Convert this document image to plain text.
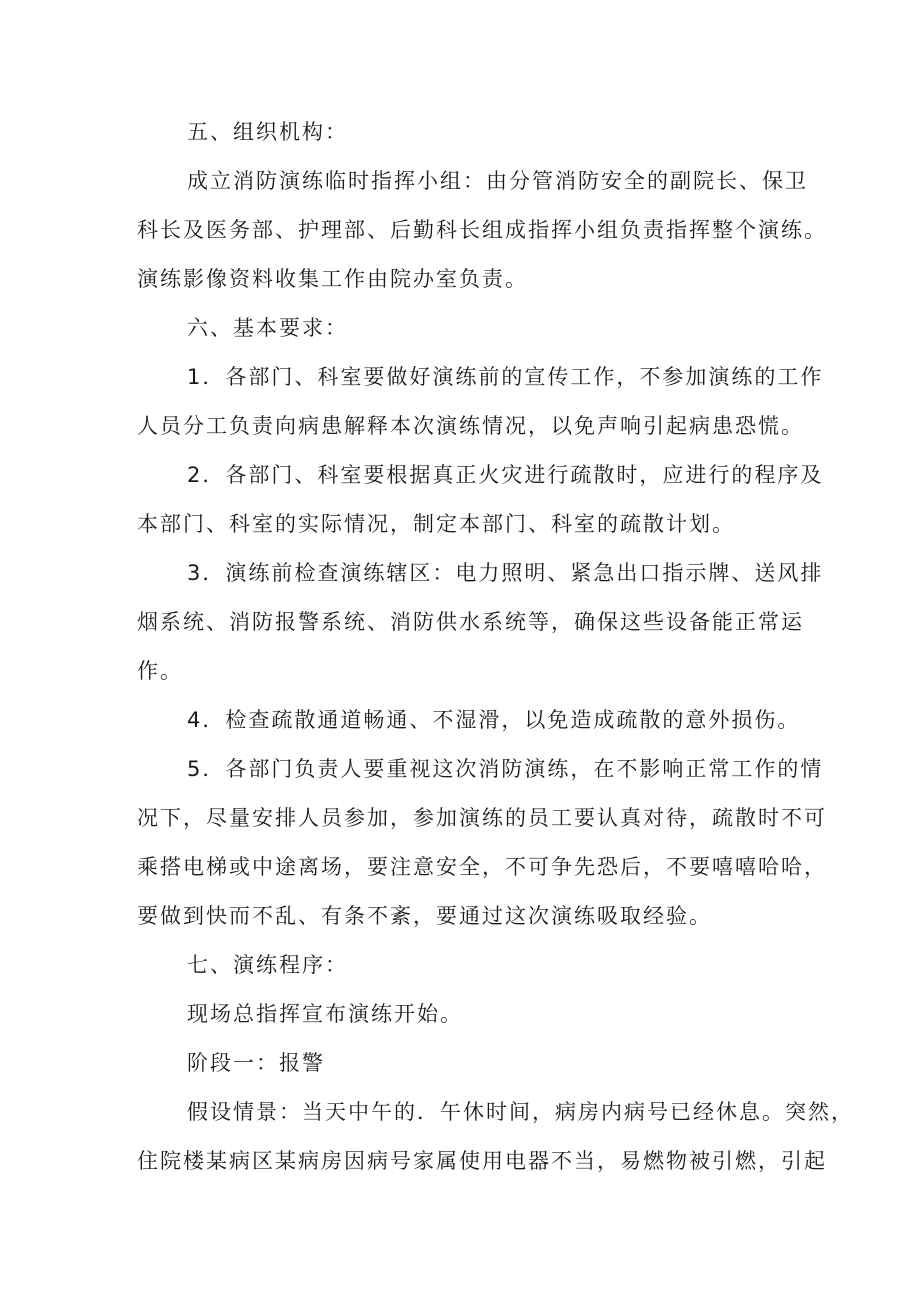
五、组织机构：
成立消防演练临时指挥小组：由分管消防安全的副院长、保卫
科长及医务部、护理部、后勤科长组成指挥小组负责指挥整个演练。
演练影像资料收集工作由院办室负责。
六、基本要求：
1．各部门、科室要做好演练前的宣传工作，不参加演练的工作
人员分工负责向病患解释本次演练情况，以免声响引起病患恐慌。
2．各部门、科室要根据真正火灾进行疏散时，应进行的程序及
本部门、科室的实际情况，制定本部门、科室的疏散计划。
3．演练前检查演练辖区：电力照明、紧急出口指示牌、送风排
烟系统、消防报警系统、消防供水系统等，确保这些设备能正常运
作。
4．检查疏散通道畅通、不湿滑，以免造成疏散的意外损伤。
5．各部门负责人要重视这次消防演练，在不影响正常工作的情
况下，尽量安排人员参加，参加演练的员工要认真对待，疏散时不可
乘搭电梯或中途离场，要注意安全，不可争先恐后，不要嘻嘻哈哈，
要做到快而不乱、有条不紊，要通过这次演练吸取经验。
七、演练程序：
现场总指挥宣布演练开始。
阶段一：报警
假设情景：当天中午的．午休时间，病房内病号已经休息。突然，
住院楼某病区某病房因病号家属使用电器不当，易燃物被引燃，引起
